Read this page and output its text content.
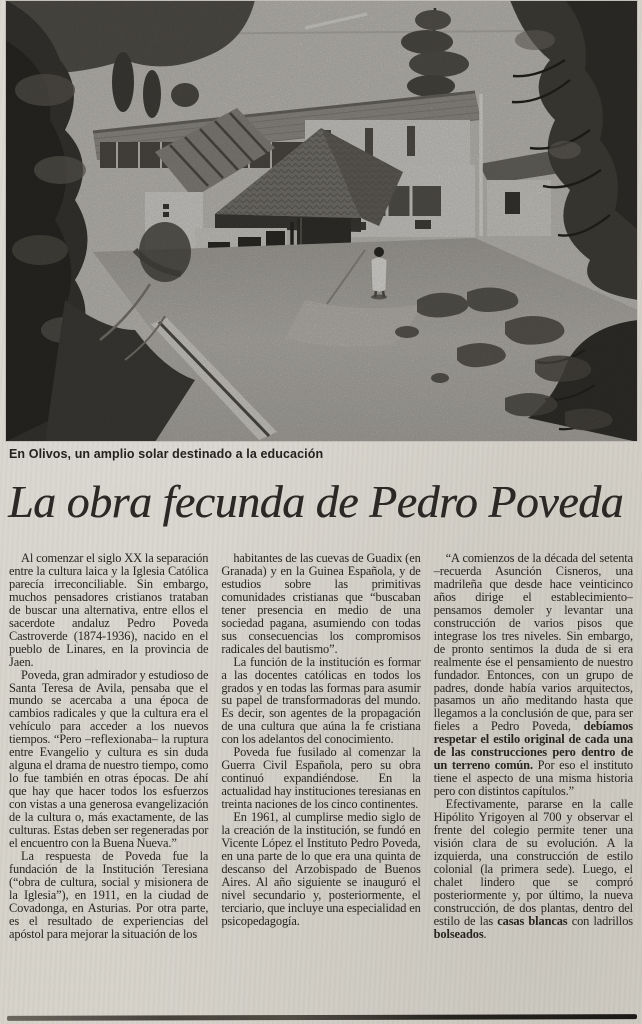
En Olivos, un amplio solar destinado a la educación
La obra fecunda de Pedro Poveda

Al comenzar el siglo XX la separación entre la cultura laica y la Iglesia Católica parecía irreconciliable. Sin embargo, muchos pensadores cristianos trataban de buscar una alternativa, entre ellos el sacerdote andaluz Pedro Poveda Castroverde (1874-1936), nacido en el pueblo de Linares, en la provincia de Jaen.

Poveda, gran admirador y estudioso de Santa Teresa de Avila, pensaba que el mundo se acercaba a una época de cambios radicales y que la cultura era el vehículo para acceder a los nuevos tiempos. “Pero –reflexionaba– la ruptura entre Evangelio y cultura es sin duda alguna el drama de nuestro tiempo, como lo fue también en otras épocas. De ahí que hay que hacer todos los esfuerzos con vistas a una generosa evangelización de la cultura o, más exactamente, de las culturas. Estas deben ser regeneradas por el encuentro con la Buena Nueva.”

La respuesta de Poveda fue la fundación de la Institución Teresiana (“obra de cultura, social y misionera de la Iglesia”), en 1911, en la ciudad de Covadonga, en Asturias. Por otra parte, es el resultado de experiencias del apóstol para mejorar la situación de los

habitantes de las cuevas de Guadix (en Granada) y en la Guinea Española, y de estudios sobre las primitivas comunidades cristianas que “buscaban tener presencia en medio de una sociedad pagana, asumiendo con todas sus consecuencias los compromisos radicales del bautismo”.

La función de la institución es formar a las docentes católicas en todos los grados y en todas las formas para asumir su papel de transformadoras del mundo. Es decir, son agentes de la propagación de una cultura que aúna la fe cristiana con los adelantos del conocimiento.

Poveda fue fusilado al comenzar la Guerra Civil Española, pero su obra continuó expandiéndose. En la actualidad hay instituciones teresianas en treinta naciones de los cinco continentes.

En 1961, al cumplirse medio siglo de la creación de la institución, se fundó en Vicente López el Instituto Pedro Poveda, en una parte de lo que era una quinta de descanso del Arzobispado de Buenos Aires. Al año siguiente se inauguró el nivel secundario y, posteriormente, el terciario, que incluye una especialidad en psicopedagogía.

“A comienzos de la década del setenta –recuerda Asunción Cisneros, una madrileña que desde hace veinticinco años dirige el establecimiento– pensamos demoler y levantar una construcción de varios pisos que integrase los tres niveles. Sin embargo, de pronto sentimos la duda de si era realmente ése el pensamiento de nuestro fundador. Entonces, con un grupo de padres, donde había varios arquitectos, pasamos un año meditando hasta que llegamos a la conclusión de que, para ser fieles a Pedro Poveda, debíamos respetar el estilo original de cada una de las construcciones pero dentro de un terreno común. Por eso el instituto tiene el aspecto de una misma historia pero con distintos capítulos.”

Efectivamente, pararse en la calle Hipólito Yrigoyen al 700 y observar el frente del colegio permite tener una visión clara de su evolución. A la izquierda, una construcción de estilo colonial (la primera sede). Luego, el chalet lindero que se compró posteriormente y, por último, la nueva construcción, de dos plantas, dentro del estilo de las casas blancas con ladrillos bolseados.
